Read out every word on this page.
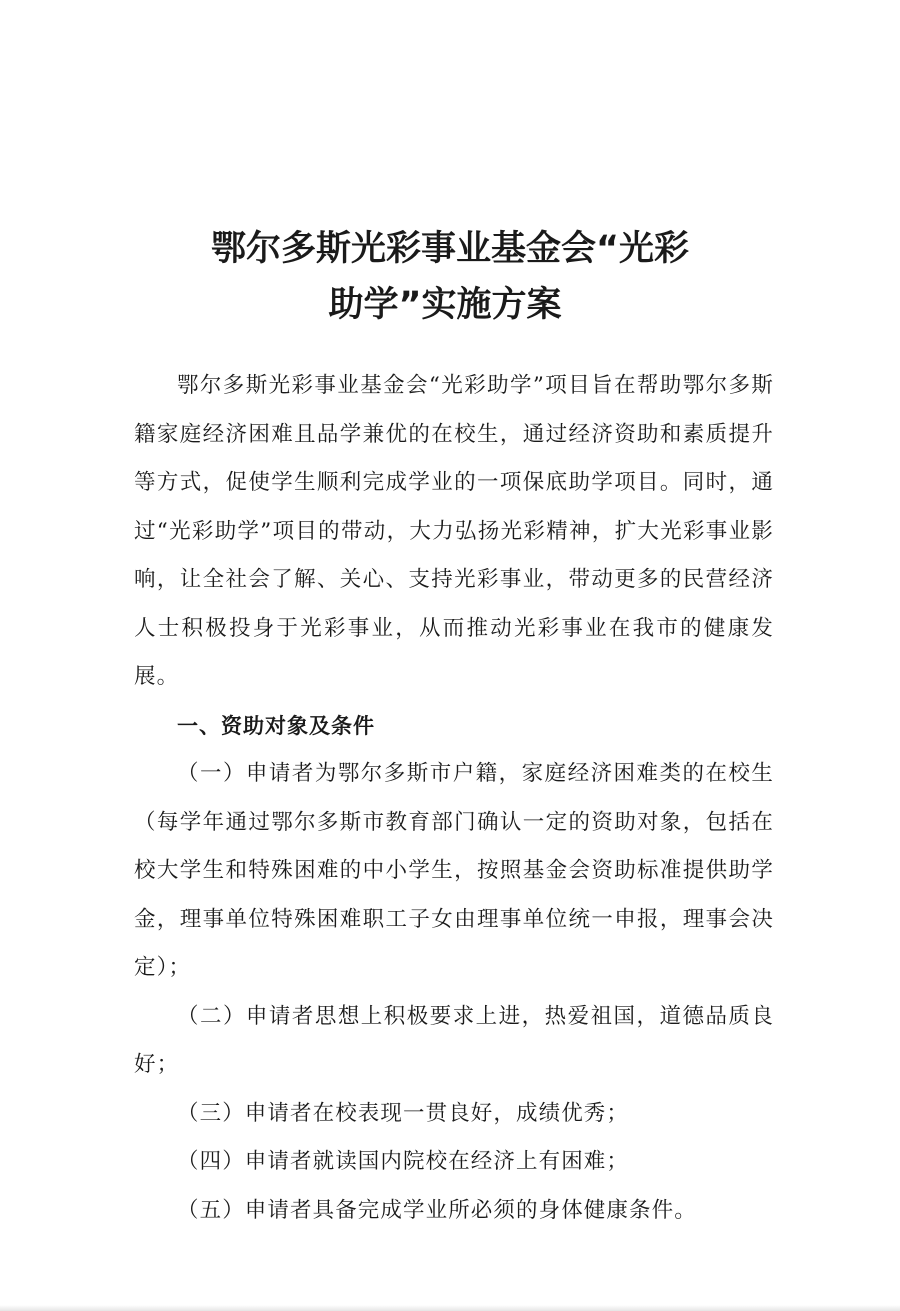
鄂尔多斯光彩事业基金会“光彩
助学”实施方案

鄂尔多斯光彩事业基金会“光彩助学”项目旨在帮助鄂尔多斯籍家庭经济困难且品学兼优的在校生，通过经济资助和素质提升等方式，促使学生顺利完成学业的一项保底助学项目。同时，通过“光彩助学”项目的带动，大力弘扬光彩精神，扩大光彩事业影响，让全社会了解、关心、支持光彩事业，带动更多的民营经济人士积极投身于光彩事业，从而推动光彩事业在我市的健康发展。

一、资助对象及条件

（一）申请者为鄂尔多斯市户籍，家庭经济困难类的在校生（每学年通过鄂尔多斯市教育部门确认一定的资助对象，包括在校大学生和特殊困难的中小学生，按照基金会资助标准提供助学金，理事单位特殊困难职工子女由理事单位统一申报，理事会决定）；

（二）申请者思想上积极要求上进，热爱祖国，道德品质良好；

（三）申请者在校表现一贯良好，成绩优秀；

（四）申请者就读国内院校在经济上有困难；

（五）申请者具备完成学业所必须的身体健康条件。
